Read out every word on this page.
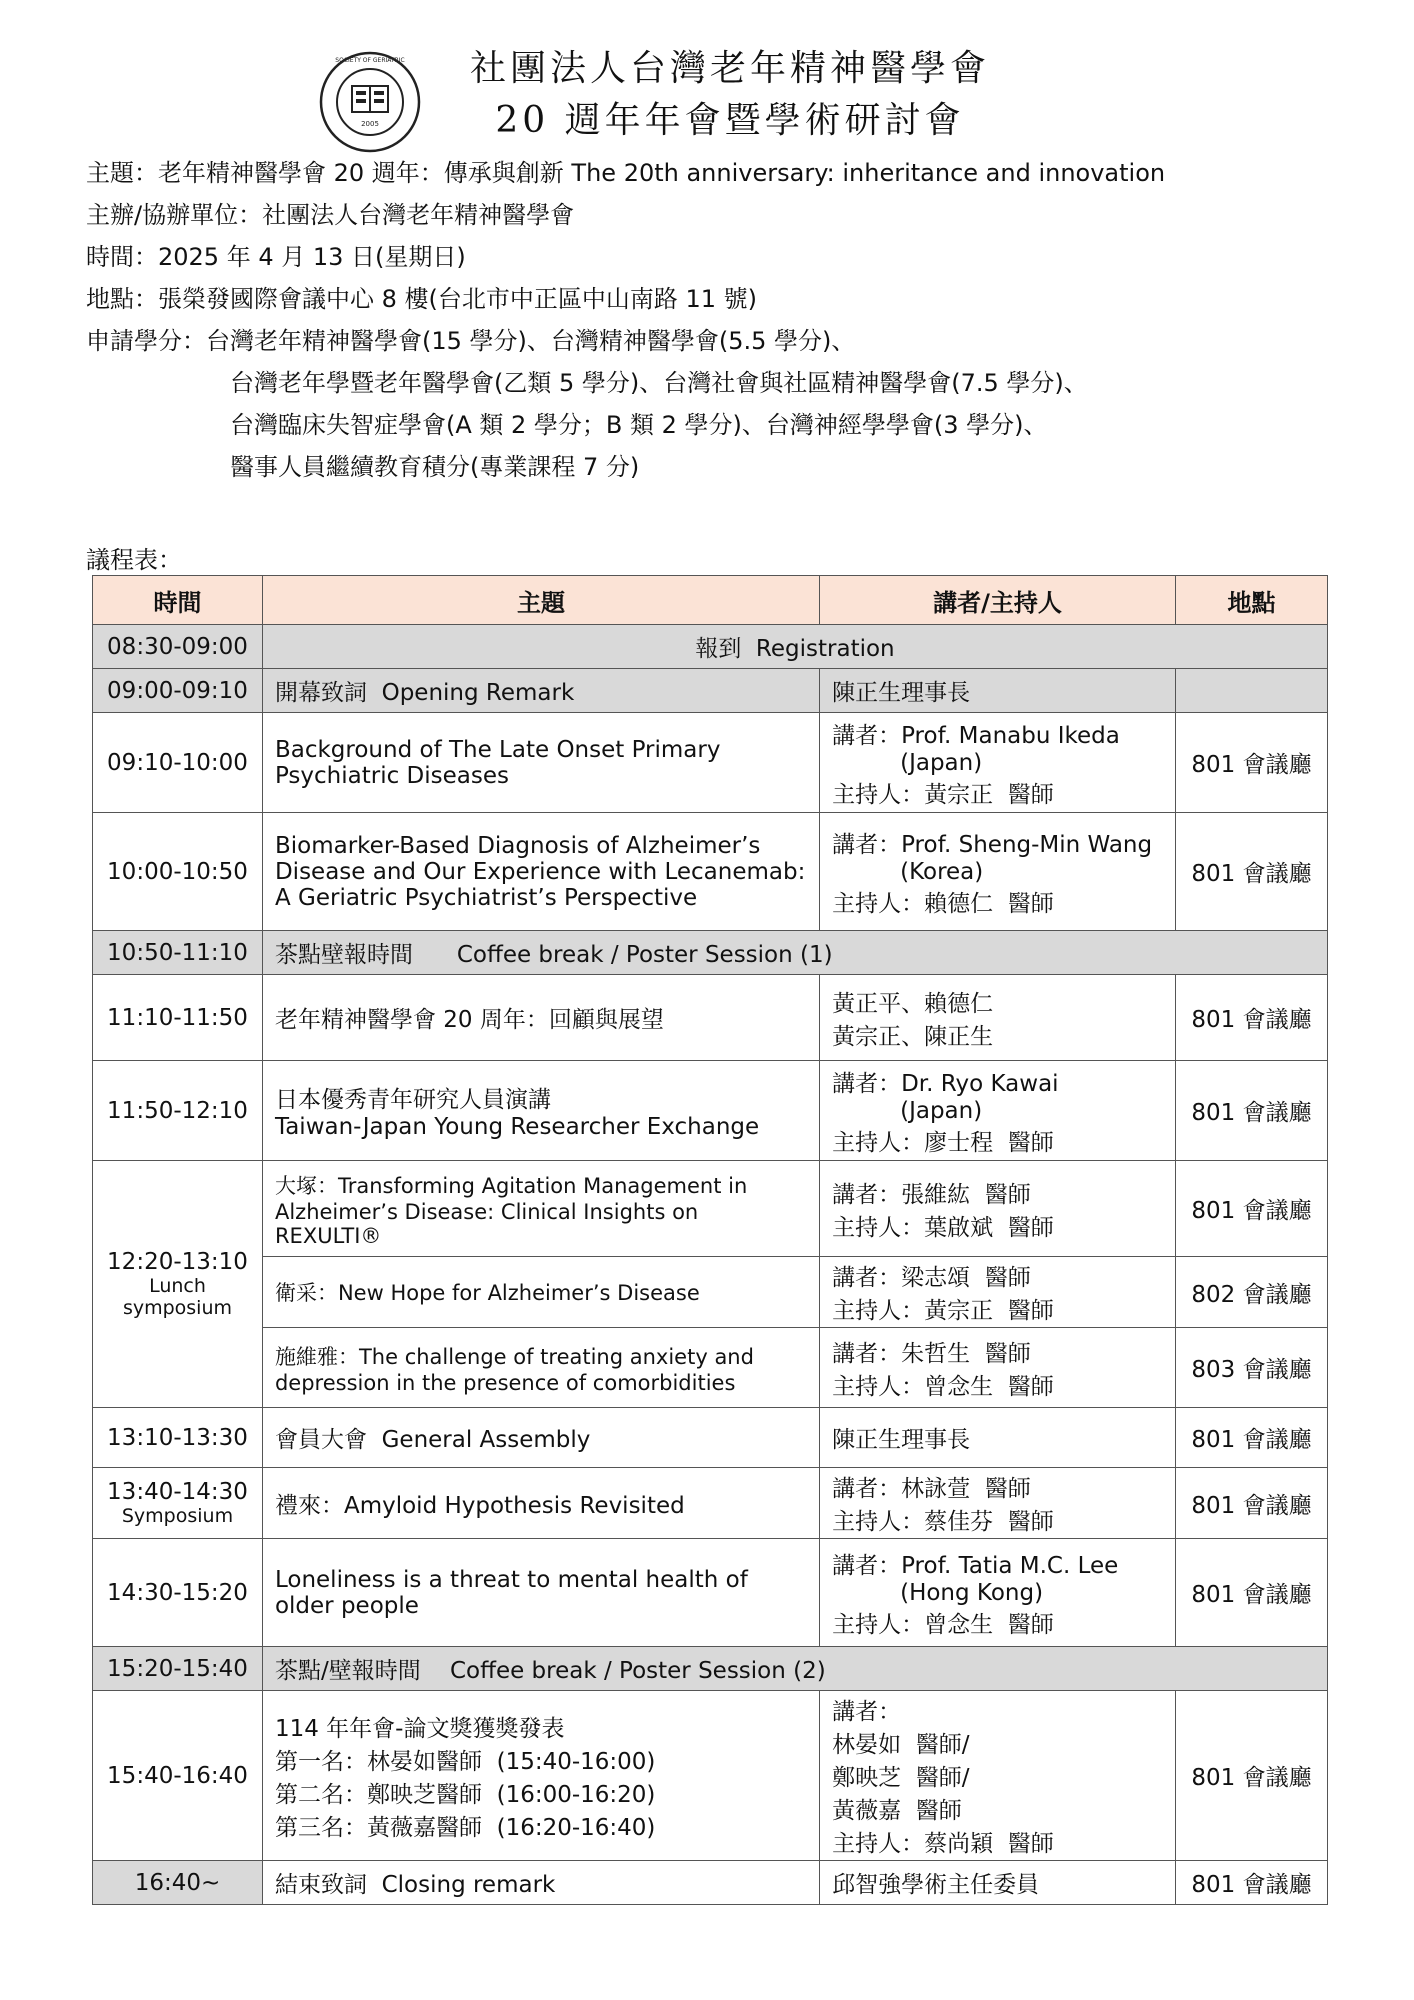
2005
SOCIETY OF GERIATRIC	社團法人台灣老年精神醫學會
20 週年年會暨學術研討會
主題：老年精神醫學會 20 週年：傳承與創新 The 20th anniversary: inheritance and innovation
主辦/協辦單位：社團法人台灣老年精神醫學會
時間：2025 年 4 月 13 日(星期日)
地點：張榮發國際會議中心 8 樓(台北市中正區中山南路 11 號)
申請學分：台灣老年精神醫學會(15 學分)、台灣精神醫學會(5.5 學分)、
台灣老年學暨老年醫學會(乙類 5 學分)、台灣社會與社區精神醫學會(7.5 學分)、
台灣臨床失智症學會(A 類 2 學分；B 類 2 學分)、台灣神經學學會(3 學分)、
醫事人員繼續教育積分(專業課程 7 分)
議程表：
時間	主題	講者/主持人	地點
08:30-09:00	報到  Registration		
09:00-09:10	開幕致詞  Opening Remark	陳正生理事長	
09:10-10:00	Background of The Late Onset Primary Psychiatric Diseases	講者：Prof. Manabu Ikeda
(Japan)
主持人：黃宗正  醫師	801 會議廳
10:00-10:50	Biomarker-Based Diagnosis of Alzheimer’s Disease and Our Experience with Lecanemab: A Geriatric Psychiatrist’s Perspective	講者：Prof. Sheng-Min Wang
(Korea)
主持人：賴德仁  醫師	801 會議廳
10:50-11:10	茶點壁報時間      Coffee break / Poster Session (1)		
11:10-11:50	老年精神醫學會 20 周年：回顧與展望	黃正平、賴德仁
黃宗正、陳正生	801 會議廳
11:50-12:10	日本優秀青年研究人員演講
Taiwan-Japan Young Researcher Exchange	講者：Dr. Ryo Kawai
(Japan)
主持人：廖士程  醫師	801 會議廳

12:20-13:10
Lunch
symposium	大塚：Transforming Agitation Management in Alzheimer’s Disease: Clinical Insights on REXULTI®	講者：張維紘  醫師
主持人：葉啟斌  醫師	801 會議廳
	衛采：New Hope for Alzheimer’s Disease	講者：梁志頌  醫師
主持人：黃宗正  醫師	802 會議廳
	施維雅：The challenge of treating anxiety and depression in the presence of comorbidities	講者：朱哲生  醫師
主持人：曾念生  醫師	803 會議廳
13:10-13:30	會員大會  General Assembly	陳正生理事長	801 會議廳

13:40-14:30
Symposium	禮來：Amyloid Hypothesis Revisited	講者：林詠萱  醫師
主持人：蔡佳芬  醫師	801 會議廳
14:30-15:20	Loneliness is a threat to mental health of older people	講者：Prof. Tatia M.C. Lee
(Hong Kong)
主持人：曾念生  醫師	801 會議廳
15:20-15:40	茶點/壁報時間    Coffee break / Poster Session (2)		
15:40-16:40	114 年年會-論文獎獲獎發表
第一名：林晏如醫師  (15:40-16:00)
第二名：鄭映芝醫師  (16:00-16:20)
第三名：黃薇嘉醫師  (16:20-16:40)	講者：
林晏如  醫師/
鄭映芝  醫師/
黃薇嘉  醫師
主持人：蔡尚穎  醫師	801 會議廳
16:40~	結束致詞  Closing remark	邱智強學術主任委員	801 會議廳
